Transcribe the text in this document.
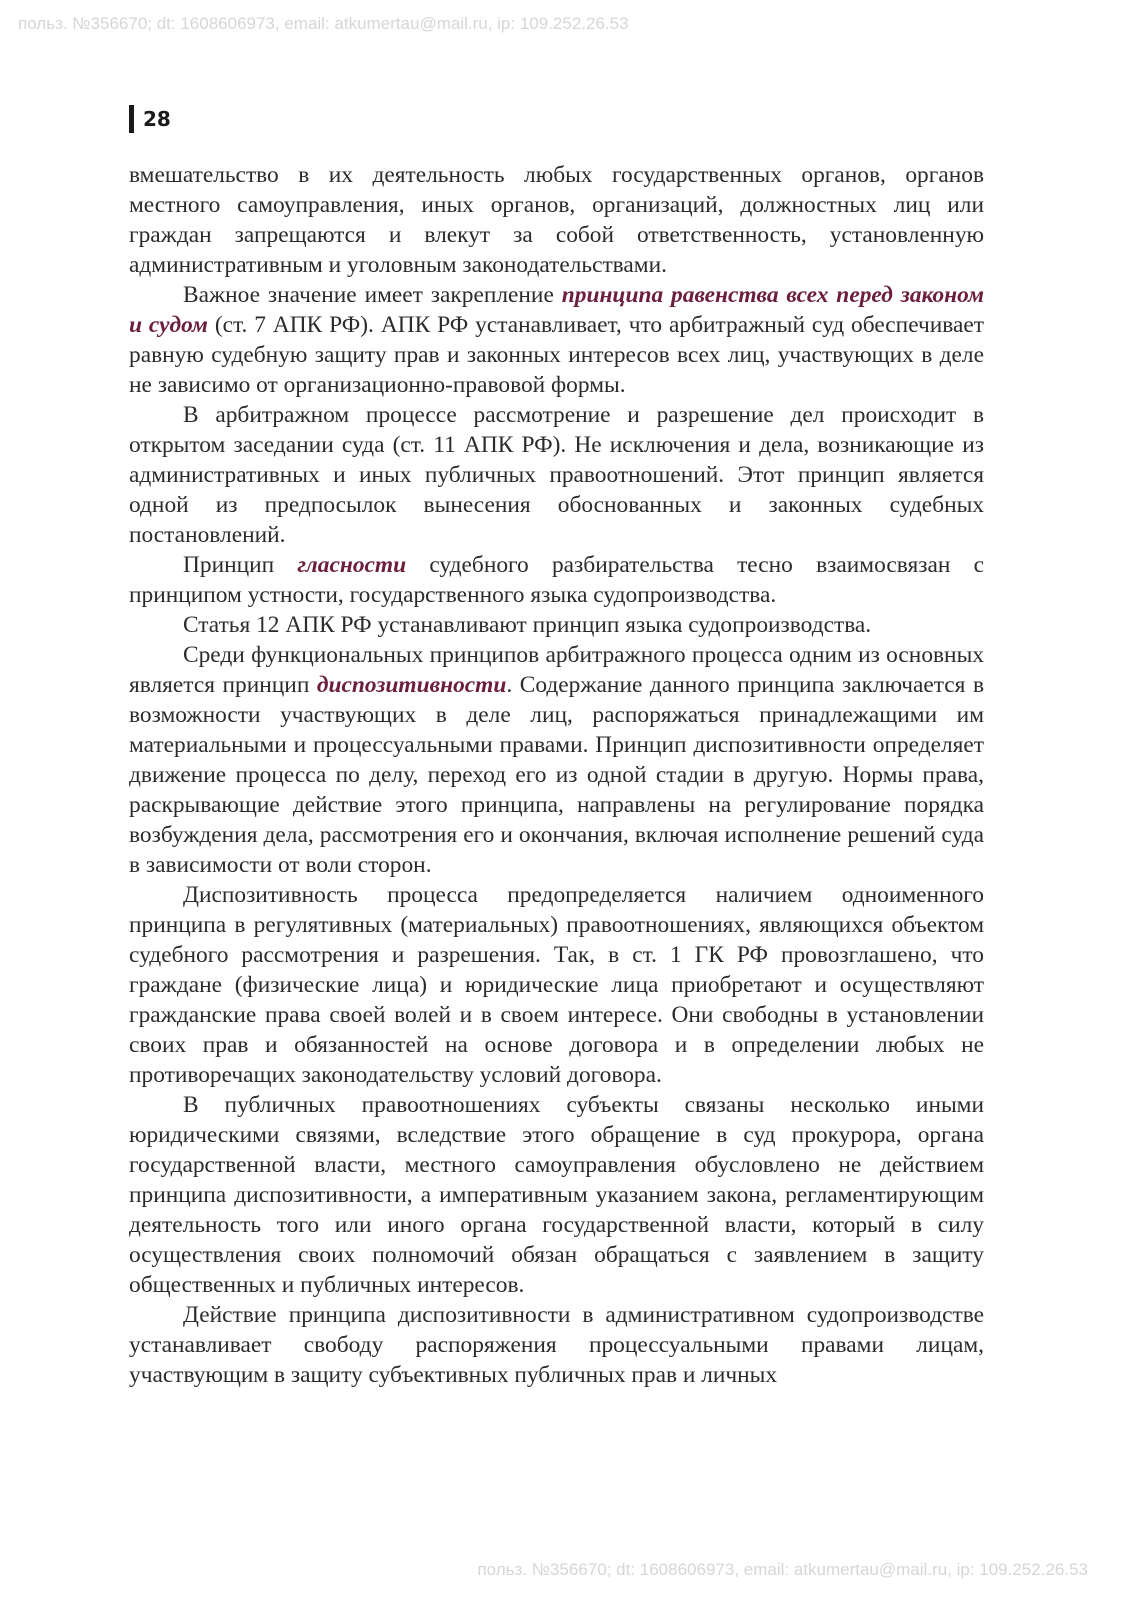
польз. №356670; dt: 1608606973, email: atkumertau@mail.ru, ip: 109.252.26.53
28

вмешательство в их деятельность любых государственных органов, органов местного самоуправления, иных органов, организаций, должностных лиц или граждан запрещаются и влекут за собой ответственность, установленную административным и уголовным законодательствами.

Важное значение имеет закрепление принципа равенства всех перед законом и судом (ст. 7 АПК РФ). АПК РФ устанавливает, что арбитражный суд обеспечивает равную судебную защиту прав и законных интересов всех лиц, участвующих в деле не зависимо от организационно-правовой формы.

В арбитражном процессе рассмотрение и разрешение дел происходит в открытом заседании суда (ст. 11 АПК РФ). Не исключения и дела, возникающие из административных и иных публичных правоотношений. Этот принцип является одной из предпосылок вынесения обоснованных и законных судебных постановлений.

Принцип гласности судебного разбирательства тесно взаимосвязан с принципом устности, государственного языка судопроизводства.

Статья 12 АПК РФ устанавливают принцип языка судопроизводства.

Среди функциональных принципов арбитражного процесса одним из основных является принцип диспозитивности. Содержание данного принципа заключается в возможности участвующих в деле лиц, распоряжаться принадлежащими им материальными и процессуальными правами. Принцип диспозитивности определяет движение процесса по делу, переход его из одной стадии в другую. Нормы права, раскрывающие действие этого принципа, направлены на регулирование порядка возбуждения дела, рассмотрения его и окончания, включая исполнение решений суда в зависимости от воли сторон.

Диспозитивность процесса предопределяется наличием одноименного принципа в регулятивных (материальных) правоотношениях, являющихся объектом судебного рассмотрения и разрешения. Так, в ст. 1 ГК РФ провозглашено, что граждане (физические лица) и юридические лица приобретают и осуществляют гражданские права своей волей и в своем интересе. Они свободны в установлении своих прав и обязанностей на основе договора и в определении любых не противоречащих законодательству условий договора.

В публичных правоотношениях субъекты связаны несколько иными юридическими связями, вследствие этого обращение в суд прокурора, органа государственной власти, местного самоуправления обусловлено не действием принципа диспозитивности, а императивным указанием закона, регламентирующим деятельность того или иного органа государственной власти, который в силу осуществления своих полномочий обязан обращаться с заявлением в защиту общественных и публичных интересов.

Действие принципа диспозитивности в административном судопроизводстве устанавливает свободу распоряжения процессуальными правами лицам, участвующим в защиту субъективных публичных прав и личных

польз. №356670; dt: 1608606973, email: atkumertau@mail.ru, ip: 109.252.26.53
